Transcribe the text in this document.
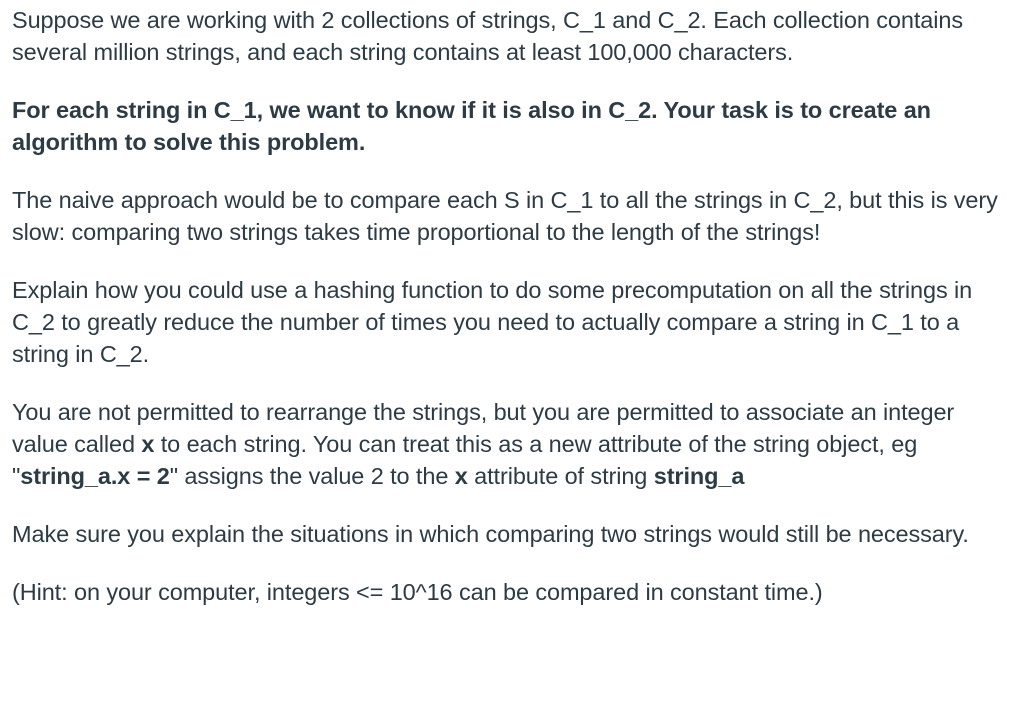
Suppose we are working with 2 collections of strings, C_1 and C_2. Each collection contains several million strings, and each string contains at least 100,000 characters.

For each string in C_1, we want to know if it is also in C_2. Your task is to create an algorithm to solve this problem.

The naive approach would be to compare each S in C_1 to all the strings in C_2, but this is very slow: comparing two strings takes time proportional to the length of the strings!

Explain how you could use a hashing function to do some precomputation on all the strings in C_2 to greatly reduce the number of times you need to actually compare a string in C_1 to a string in C_2.

You are not permitted to rearrange the strings, but you are permitted to associate an integer value called x to each string. You can treat this as a new attribute of the string object, eg "string_a.x = 2" assigns the value 2 to the x attribute of string string_a

Make sure you explain the situations in which comparing two strings would still be necessary.

(Hint: on your computer, integers <= 10^16 can be compared in constant time.)
